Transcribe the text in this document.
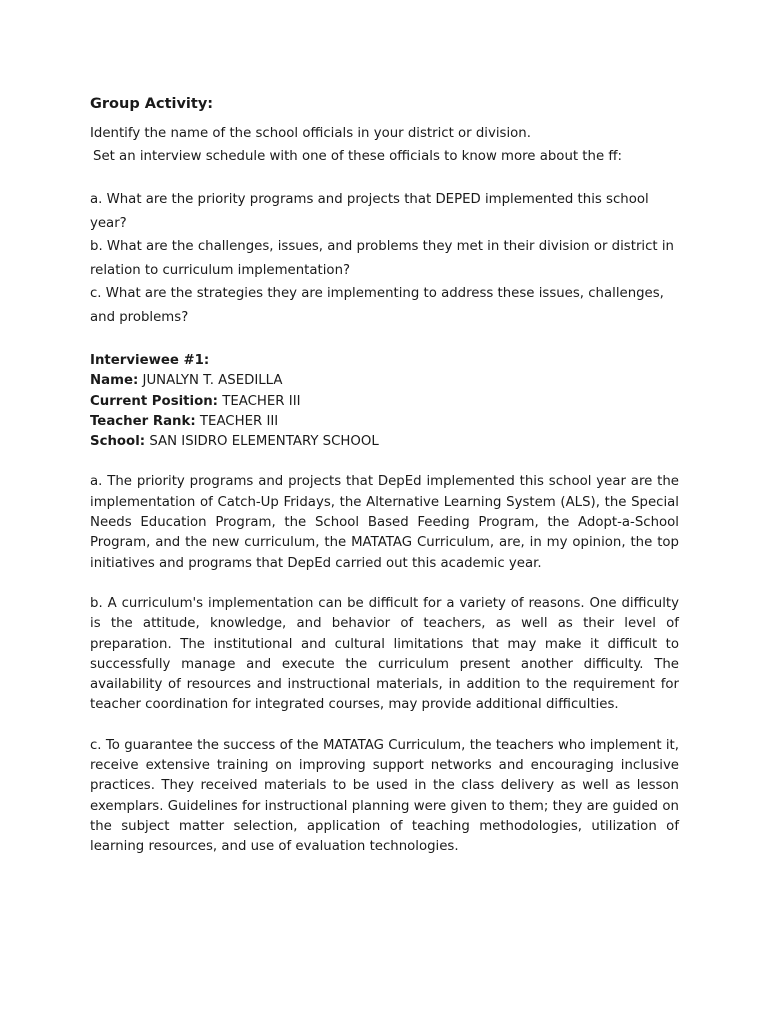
Group Activity:

Identify the name of the school officials in your district or division.

Set an interview schedule with one of these officials to know more about the ff:

a. What are the priority programs and projects that DEPED implemented this school year?

b. What are the challenges, issues, and problems they met in their division or district in relation to curriculum implementation?

c. What are the strategies they are implementing to address these issues, challenges, and problems?

Interviewee #1:

Name: JUNALYN T. ASEDILLA

Current Position: TEACHER III

Teacher Rank: TEACHER III

School: SAN ISIDRO ELEMENTARY SCHOOL

a. The priority programs and projects that DepEd implemented this school year are the implementation of Catch-Up Fridays, the Alternative Learning System (ALS), the Special Needs Education Program, the School Based Feeding Program, the Adopt-a-School Program, and the new curriculum, the MATATAG Curriculum, are, in my opinion, the top initiatives and programs that DepEd carried out this academic year.

b. A curriculum's implementation can be difficult for a variety of reasons. One difficulty is the attitude, knowledge, and behavior of teachers, as well as their level of preparation. The institutional and cultural limitations that may make it difficult to successfully manage and execute the curriculum present another difficulty. The availability of resources and instructional materials, in addition to the requirement for teacher coordination for integrated courses, may provide additional difficulties.

c. To guarantee the success of the MATATAG Curriculum, the teachers who implement it, receive extensive training on improving support networks and encouraging inclusive practices. They received materials to be used in the class delivery as well as lesson exemplars. Guidelines for instructional planning were given to them; they are guided on the subject matter selection, application of teaching methodologies, utilization of learning resources, and use of evaluation technologies.
